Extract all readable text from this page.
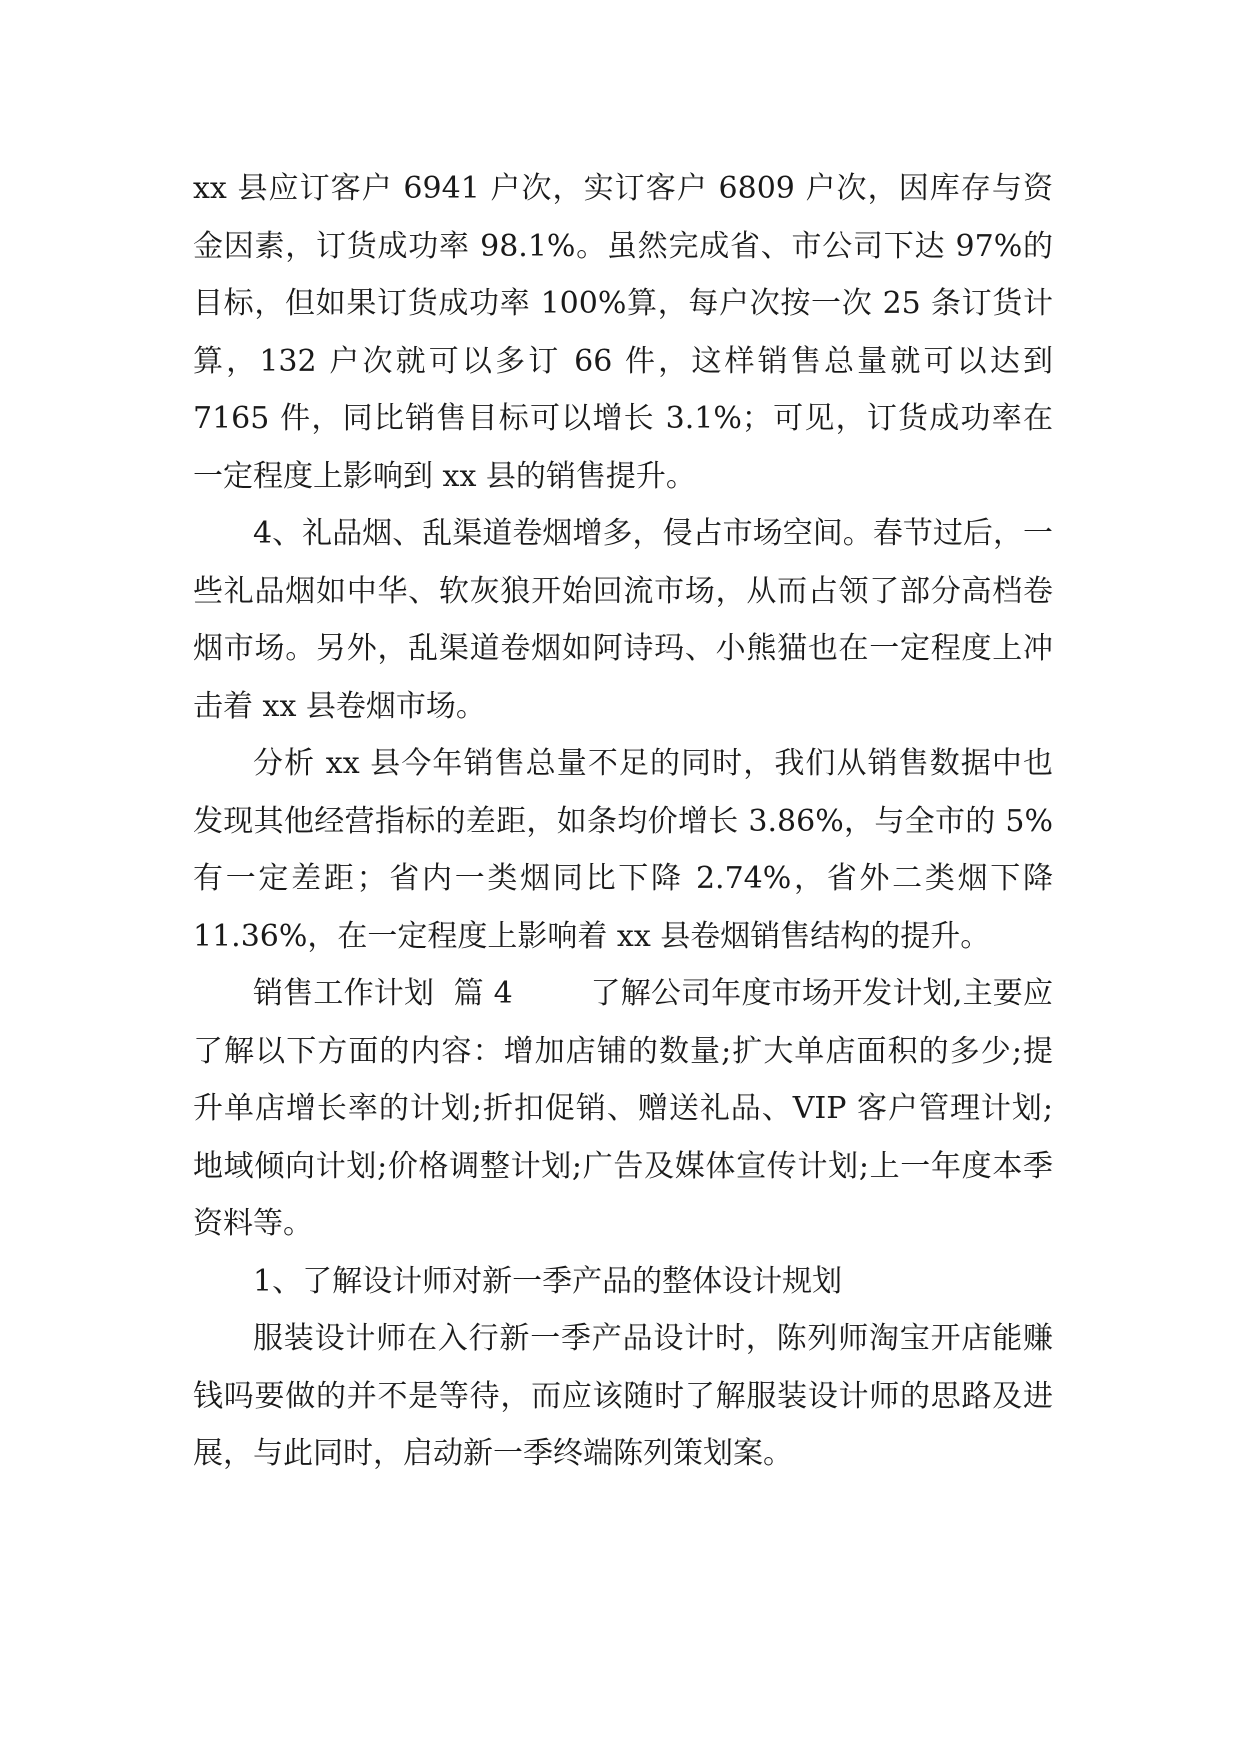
xx 县应订客户 6941 户次，实订客户 6809 户次，因库存与资金因素，订货成功率 98.1%。虽然完成省、市公司下达 97%的目标，但如果订货成功率 100%算，每户次按一次 25 条订货计算，132 户次就可以多订 66 件，这样销售总量就可以达到 7165 件，同比销售目标可以增长 3.1%；可见，订货成功率在一定程度上影响到 xx 县的销售提升。

4、礼品烟、乱渠道卷烟增多，侵占市场空间。春节过后，一些礼品烟如中华、软灰狼开始回流市场，从而占领了部分高档卷烟市场。另外，乱渠道卷烟如阿诗玛、小熊猫也在一定程度上冲击着 xx 县卷烟市场。

分析 xx 县今年销售总量不足的同时，我们从销售数据中也发现其他经营指标的差距，如条均价增长 3.86%，与全市的 5%有一定差距；省内一类烟同比下降 2.74%，省外二类烟下降 11.36%，在一定程度上影响着 xx 县卷烟销售结构的提升。

销售工作计划  篇 4	了解公司年度市场开发计划,主要应了解以下方面的内容：增加店铺的数量;扩大单店面积的多少;提升单店增长率的计划;折扣促销、赠送礼品、VIP 客户管理计划;地域倾向计划;价格调整计划;广告及媒体宣传计划;上一年度本季资料等。

1、了解设计师对新一季产品的整体设计规划

服装设计师在入行新一季产品设计时，陈列师淘宝开店能赚钱吗要做的并不是等待，而应该随时了解服装设计师的思路及进展，与此同时，启动新一季终端陈列策划案。
